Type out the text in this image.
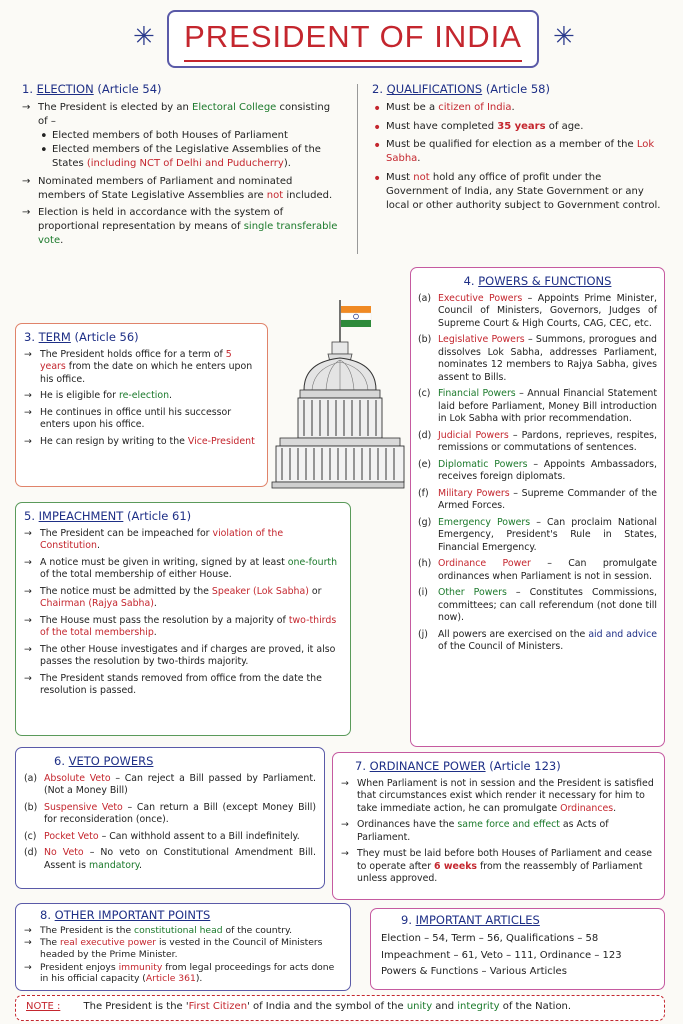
✳	✳
PRESIDENT OF INDIA
1. ELECTION (Article 54)
→ The President is elected by an Electoral College consisting of –
• Elected members of both Houses of Parliament
• Elected members of the Legislative Assemblies of the States (including NCT of Delhi and Puducherry).
→ Nominated members of Parliament and nominated members of State Legislative Assemblies are not included.
→ Election is held in accordance with the system of proportional representation by means of single transferable vote.
2. QUALIFICATIONS (Article 58)
• Must be a citizen of India.
• Must have completed 35 years of age.
• Must be qualified for election as a member of the Lok Sabha.
• Must not hold any office of profit under the Government of India, any State Government or any local or other authority subject to Government control.
3. TERM (Article 56)
→ The President holds office for a term of 5 years from the date on which he enters upon his office.
→ He is eligible for re-election.
→ He continues in office until his successor enters upon his office.
→ He can resign by writing to the Vice-President
4. POWERS & FUNCTIONS
(a) Executive Powers – Appoints Prime Minister, Council of Ministers, Governors, Judges of Supreme Court & High Courts, CAG, CEC, etc.
(b) Legislative Powers – Summons, prorogues and dissolves Lok Sabha, addresses Parliament, nominates 12 members to Rajya Sabha, gives assent to Bills.
(c) Financial Powers – Annual Financial Statement laid before Parliament, Money Bill introduction in Lok Sabha with prior recommendation.
(d) Judicial Powers – Pardons, reprieves, respites, remissions or commutations of sentences.
(e) Diplomatic Powers – Appoints Ambassadors, receives foreign diplomats.
(f) Military Powers – Supreme Commander of the Armed Forces.
(g) Emergency Powers – Can proclaim National Emergency, President's Rule in States, Financial Emergency.
(h) Ordinance Power – Can promulgate ordinances when Parliament is not in session.
(i) Other Powers – Constitutes Commissions, committees; can call referendum (not done till now).
(j) All powers are exercised on the aid and advice of the Council of Ministers.
5. IMPEACHMENT (Article 61)
→ The President can be impeached for violation of the Constitution.
→ A notice must be given in writing, signed by at least one-fourth of the total membership of either House.
→ The notice must be admitted by the Speaker (Lok Sabha) or Chairman (Rajya Sabha).
→ The House must pass the resolution by a majority of two-thirds of the total membership.
→ The other House investigates and if charges are proved, it also passes the resolution by two-thirds majority.
→ The President stands removed from office from the date the resolution is passed.
6. VETO POWERS
(a) Absolute Veto – Can reject a Bill passed by Parliament. (Not a Money Bill)
(b) Suspensive Veto – Can return a Bill (except Money Bill) for reconsideration (once).
(c) Pocket Veto – Can withhold assent to a Bill indefinitely.
(d) No Veto – No veto on Constitutional Amendment Bill. Assent is mandatory.
7. ORDINANCE POWER (Article 123)
→ When Parliament is not in session and the President is satisfied that circumstances exist which render it necessary for him to take immediate action, he can promulgate Ordinances.
→ Ordinances have the same force and effect as Acts of Parliament.
→ They must be laid before both Houses of Parliament and cease to operate after 6 weeks from the reassembly of Parliament unless approved.
8. OTHER IMPORTANT POINTS
→ The President is the constitutional head of the country.
→ The real executive power is vested in the Council of Ministers headed by the Prime Minister.
→ President enjoys immunity from legal proceedings for acts done in his official capacity (Article 361).
9. IMPORTANT ARTICLES
Election – 54, Term – 56, Qualifications – 58
Impeachment – 61, Veto – 111, Ordinance – 123
Powers & Functions – Various Articles
NOTE : The President is the 'First Citizen' of India and the symbol of the unity and integrity of the Nation.
